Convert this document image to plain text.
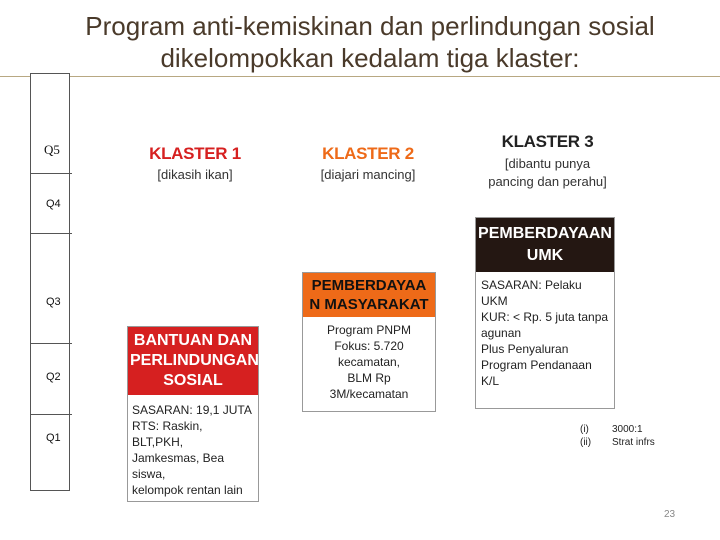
Program anti-kemiskinan dan perlindungan sosial
dikelompokkan kedalam tiga klaster:
Q5
Q4
Q3
Q2
Q1
KLASTER 1
[dikasih ikan]
BANTUAN DAN
PERLINDUNGAN
SOSIAL
SASARAN: 19,1 JUTA
RTS: Raskin, BLT,PKH,
Jamkesmas, Bea siswa,
kelompok rentan lain
KLASTER 2
[diajari mancing]
PEMBERDAYAA
N MASYARAKAT
Program PNPM
Fokus: 5.720
kecamatan,
BLM Rp 3M/kecamatan
KLASTER 3
[dibantu punya
pancing dan perahu]
PEMBERDAYAAN
UMK
SASARAN: Pelaku
UKM
KUR: < Rp. 5 juta tanpa
agunan
Plus Penyaluran
Program Pendanaan
K/L
(i)
(ii)
3000:1
Strat infrs
23
